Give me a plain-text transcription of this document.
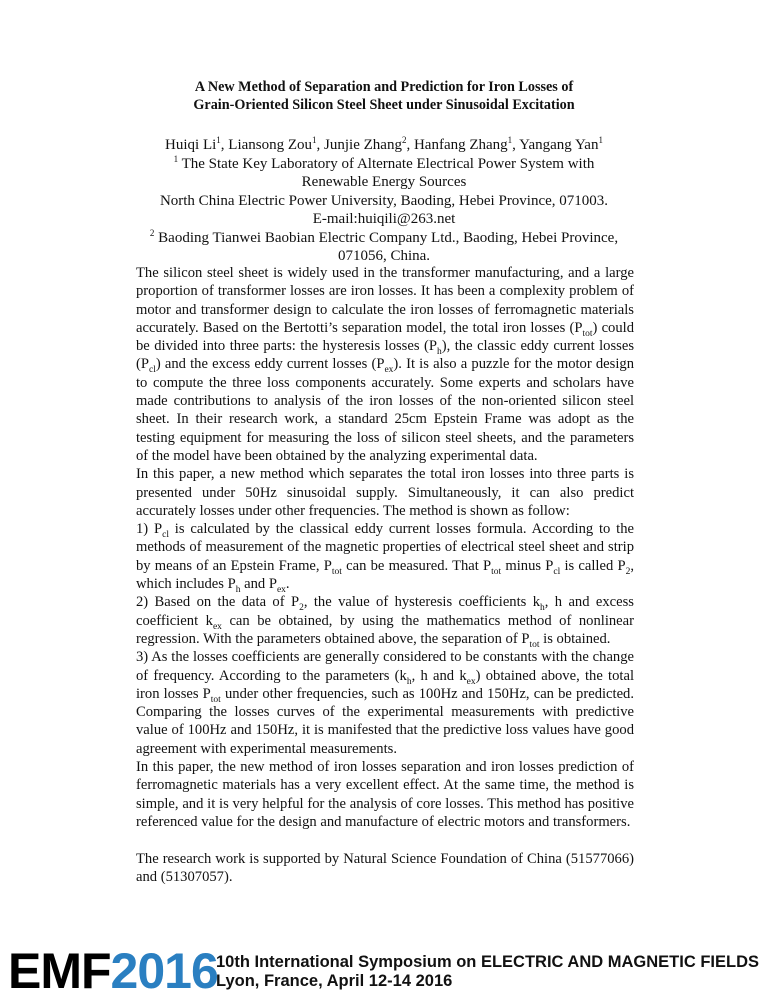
A New Method of Separation and Prediction for Iron Losses of
Grain-Oriented Silicon Steel Sheet under Sinusoidal Excitation
Huiqi Li$^1$, Liansong Zou$^1$, Junjie Zhang$^2$, Hanfang Zhang$^1$, Yangang Yan$^1$
$^1$ The State Key Laboratory of Alternate Electrical Power System with
Renewable Energy Sources
North China Electric Power University, Baoding, Hebei Province, 071003.
E-mail:huiqili@263.net
$^2$ Baoding Tianwei Baobian Electric Company Ltd., Baoding, Hebei Province,
071056, China.

The silicon steel sheet is widely used in the transformer manufacturing, and a large proportion of transformer losses are iron losses. It has been a complexity problem of motor and transformer design to calculate the iron losses of ferromagnetic materials accurately. Based on the Bertotti’s separation model, the total iron losses $(P_{tot})$ could be divided into three parts: the hysteresis losses $(P_h)$, the classic eddy current losses $(P_{cl})$ and the excess eddy current losses $(P_{ex})$. It is also a puzzle for the motor design to compute the three loss components accurately. Some experts and scholars have made contributions to analysis of the iron losses of the non-oriented silicon steel sheet. In their research work, a standard 25cm Epstein Frame was adopt as the testing equipment for measuring the loss of silicon steel sheets, and the parameters of the model have been obtained by the analyzing experimental data.

In this paper, a new method which separates the total iron losses into three parts is presented under 50Hz sinusoidal supply. Simultaneously, it can also predict accurately losses under other frequencies. The method is shown as follow:

1) $P_{cl}$ is calculated by the classical eddy current losses formula. According to the methods of measurement of the magnetic properties of electrical steel sheet and strip by means of an Epstein Frame, $P_{tot}$ can be measured. That $P_{tot}$ minus $P_{cl}$ is called $P_2$, which includes $P_h$ and $P_{ex}$.

2) Based on the data of $P_2$, the value of hysteresis coefficients $k_h$, h and excess coefficient $k_{ex}$ can be obtained, by using the mathematics method of nonlinear regression. With the parameters obtained above, the separation of $P_{tot}$ is obtained.

3) As the losses coefficients are generally considered to be constants with the change of frequency. According to the parameters ($k_h$, h and $k_{ex}$) obtained above, the total iron losses $P_{tot}$ under other frequencies, such as 100Hz and 150Hz, can be predicted. Comparing the losses curves of the experimental measurements with predictive value of 100Hz and 150Hz, it is manifested that the predictive loss values have good agreement with experimental measurements.

In this paper, the new method of iron losses separation and iron losses prediction of ferromagnetic materials has a very excellent effect. At the same time, the method is simple, and it is very helpful for the analysis of core losses. This method has positive referenced value for the design and manufacture of electric motors and transformers.

The research work is supported by Natural Science Foundation of China (51577066) and (51307057).

EMF2016
10th International Symposium on ELECTRIC AND MAGNETIC FIELDS
Lyon, France, April 12-14 2016
